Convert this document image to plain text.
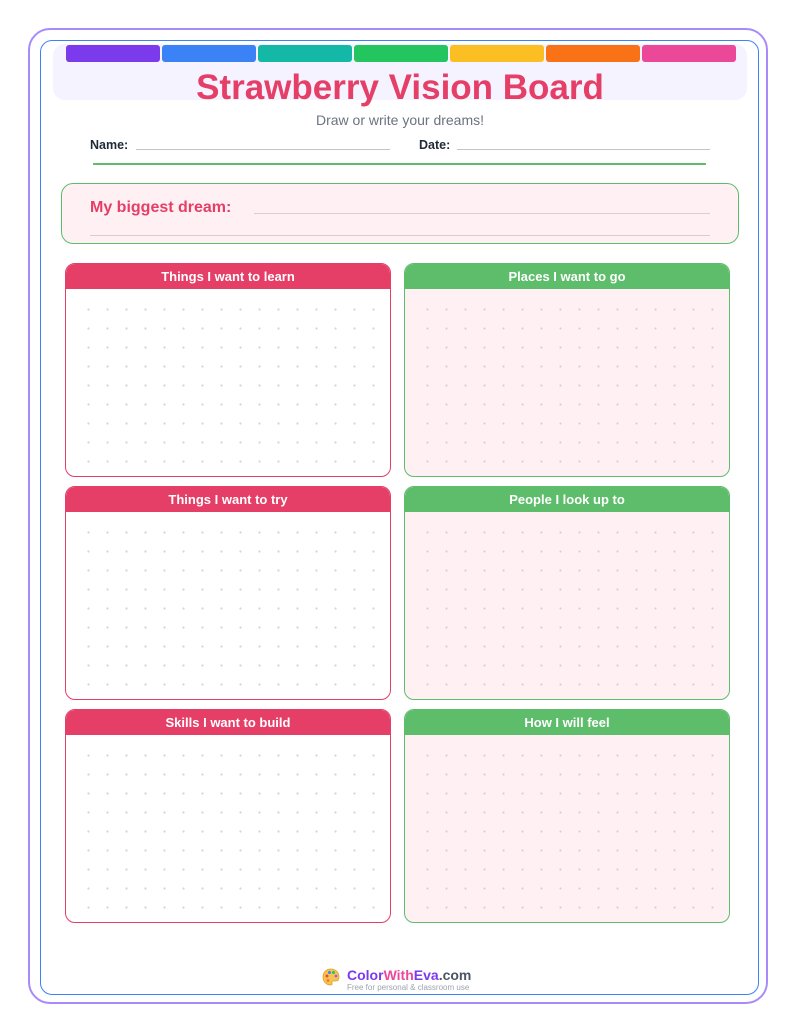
Strawberry Vision Board
Draw or write your dreams!
Name:	Date:
My biggest dream:
Things I want to learn	Places I want to go
Things I want to try	People I look up to
Skills I want to build	How I will feel
ColorWithEva.com
Free for personal & classroom use
